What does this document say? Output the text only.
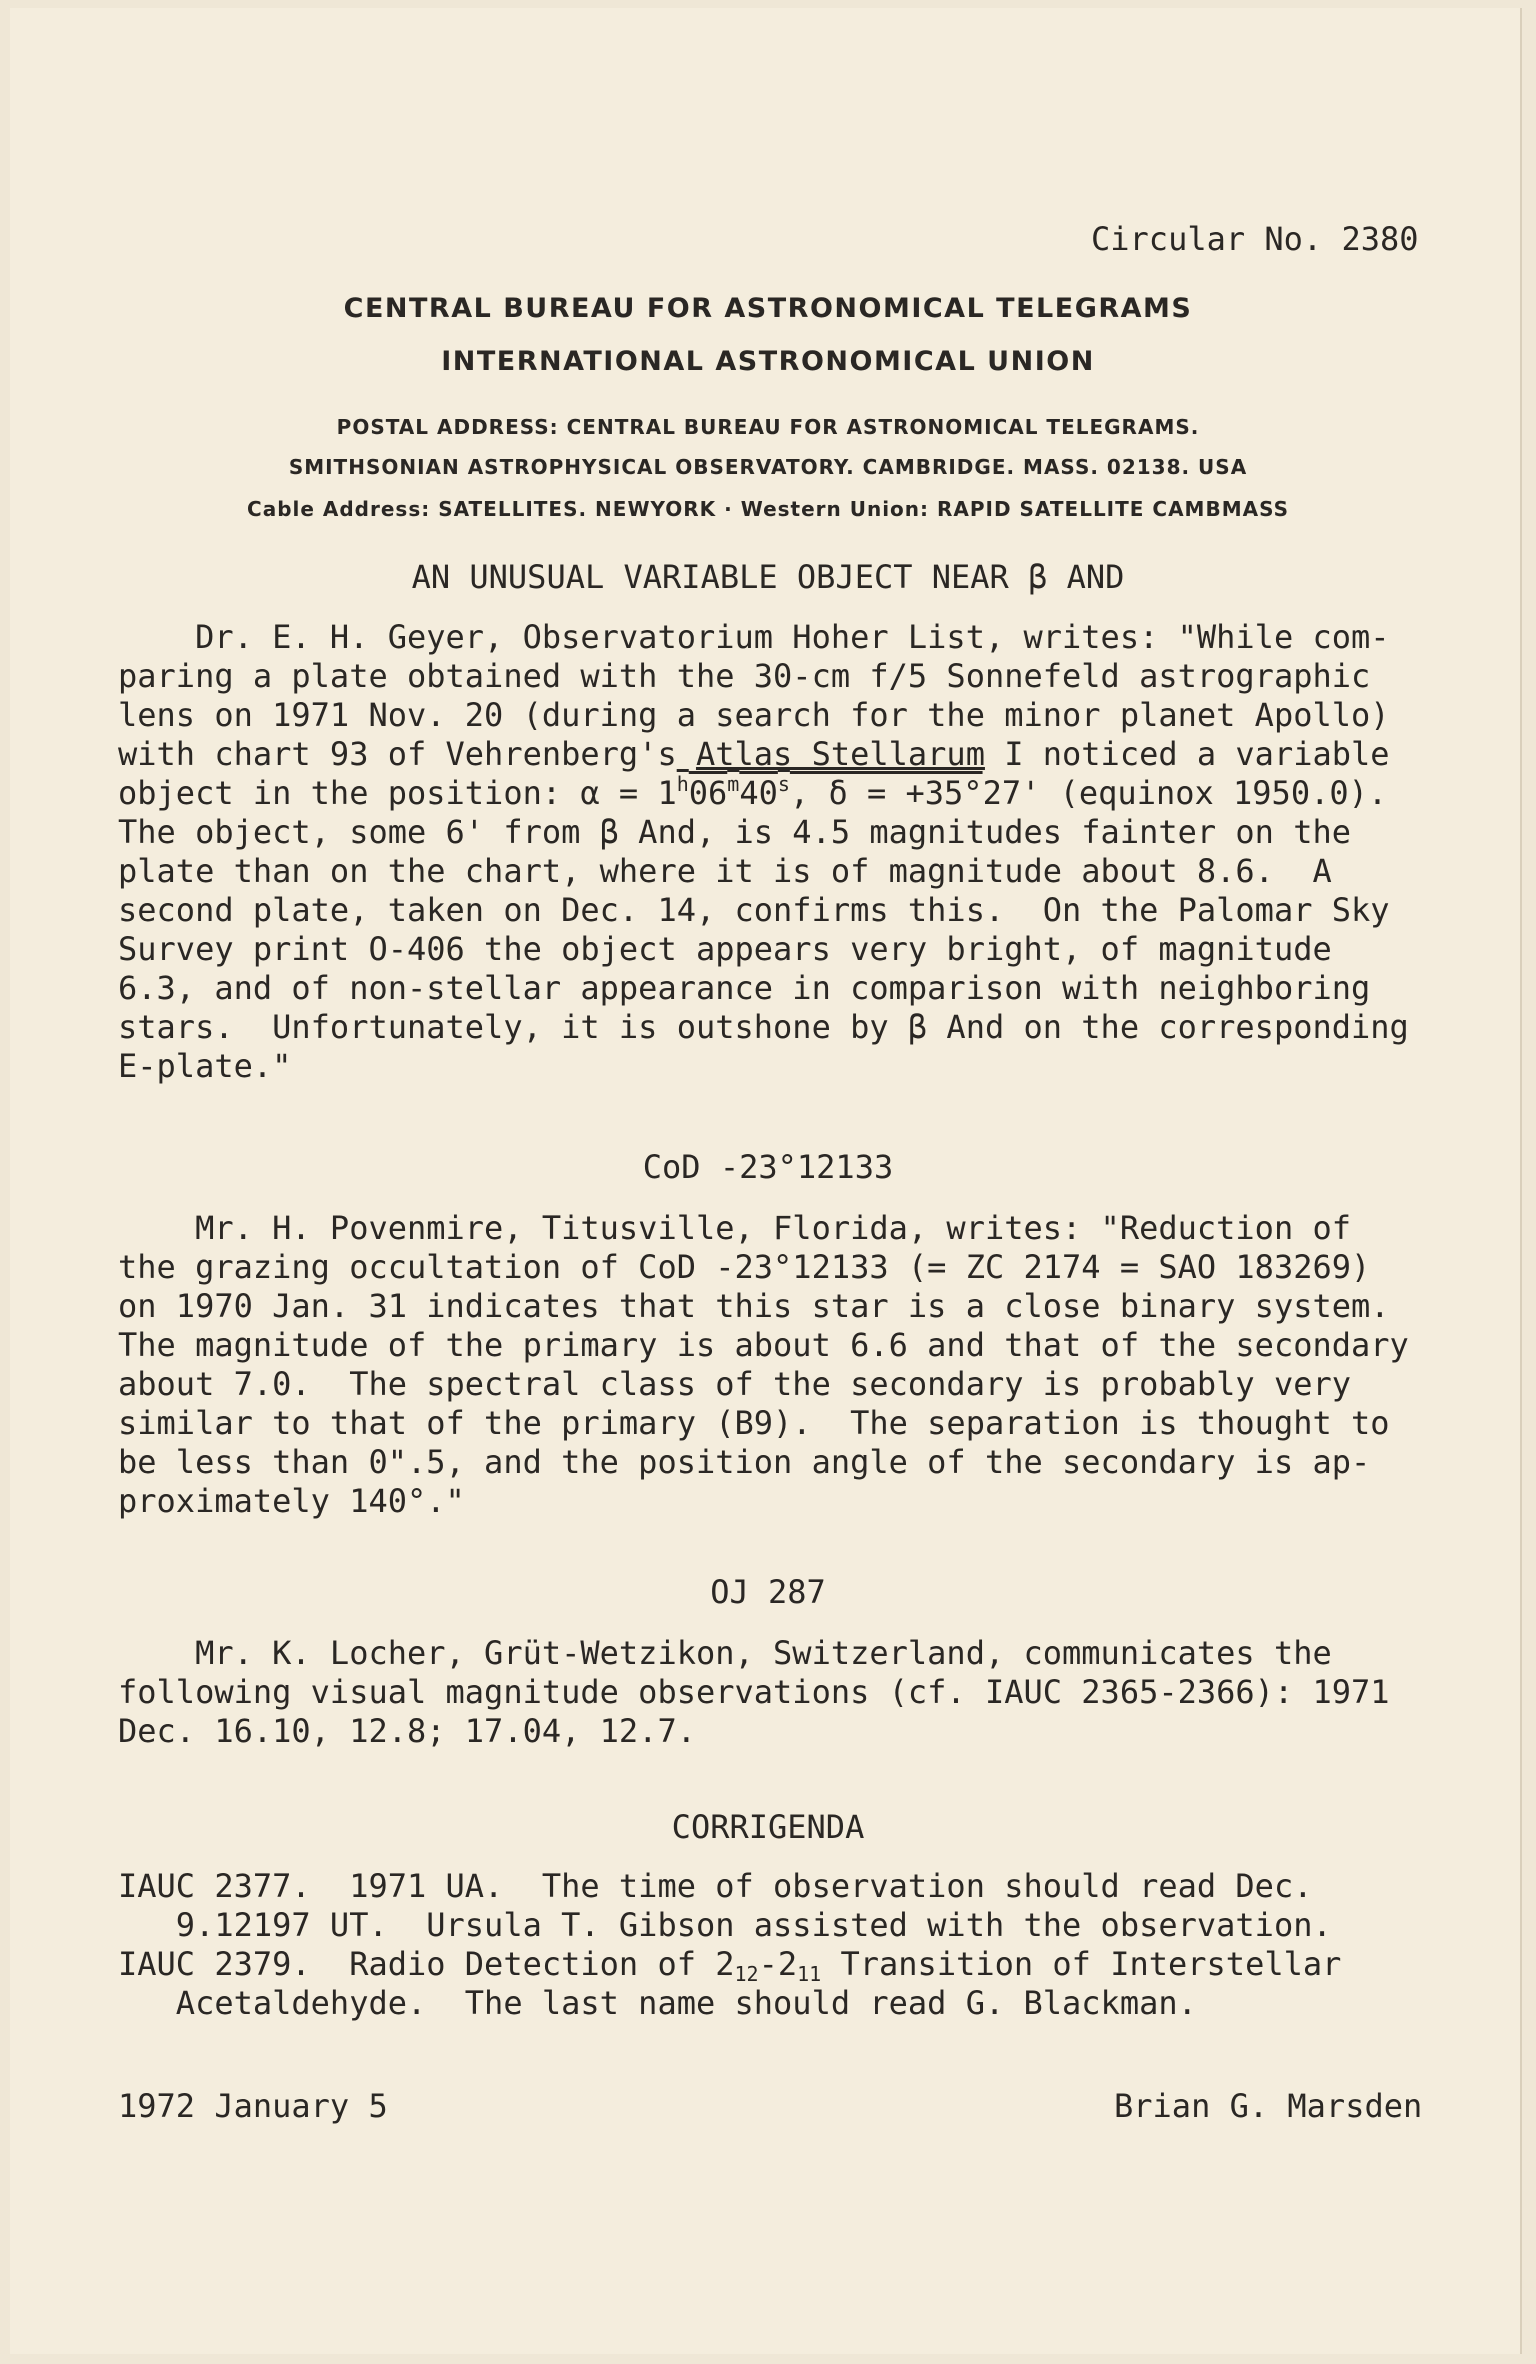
Circular No. 2380
CENTRAL BUREAU FOR ASTRONOMICAL TELEGRAMS
INTERNATIONAL ASTRONOMICAL UNION
POSTAL ADDRESS: CENTRAL BUREAU FOR ASTRONOMICAL TELEGRAMS.
SMITHSONIAN ASTROPHYSICAL OBSERVATORY. CAMBRIDGE. MASS. 02138. USA
Cable Address: SATELLITES. NEWYORK · Western Union: RAPID SATELLITE CAMBMASS
AN UNUSUAL VARIABLE OBJECT NEAR β AND
Dr. E. H. Geyer, Observatorium Hoher List, writes: "While com-
paring a plate obtained with the 30-cm f/5 Sonnefeld astrographic
lens on 1971 Nov. 20 (during a search for the minor planet Apollo)
with chart 93 of Vehrenberg's Atlas Stellarum I noticed a variable
object in the position: $\alpha = 1^h06^m40^s$, δ = +35°27' (equinox 1950.0).
The object, some 6' from β And, is 4.5 magnitudes fainter on the
plate than on the chart, where it is of magnitude about 8.6.  A
second plate, taken on Dec. 14, confirms this.  On the Palomar Sky
Survey print O-406 the object appears very bright, of magnitude
6.3, and of non-stellar appearance in comparison with neighboring
stars.  Unfortunately, it is outshone by β And on the corresponding
E-plate."
CoD -23°12133
Mr. H. Povenmire, Titusville, Florida, writes: "Reduction of
the grazing occultation of CoD -23°12133 (= ZC 2174 = SAO 183269)
on 1970 Jan. 31 indicates that this star is a close binary system.
The magnitude of the primary is about 6.6 and that of the secondary
about 7.0.  The spectral class of the secondary is probably very
similar to that of the primary (B9).  The separation is thought to
be less than 0".5, and the position angle of the secondary is ap-
proximately 140°."
OJ 287
Mr. K. Locher, Grüt-Wetzikon, Switzerland, communicates the
following visual magnitude observations (cf. IAUC 2365-2366): 1971
Dec. 16.10, 12.8; 17.04, 12.7.
CORRIGENDA
IAUC 2377.  1971 UA.  The time of observation should read Dec.
9.12197 UT.  Ursula T. Gibson assisted with the observation.
IAUC 2379.  Radio Detection of $2_{12}-2_{11}$ Transition of Interstellar
Acetaldehyde.  The last name should read G. Blackman.
1972 January 5	Brian G. Marsden
